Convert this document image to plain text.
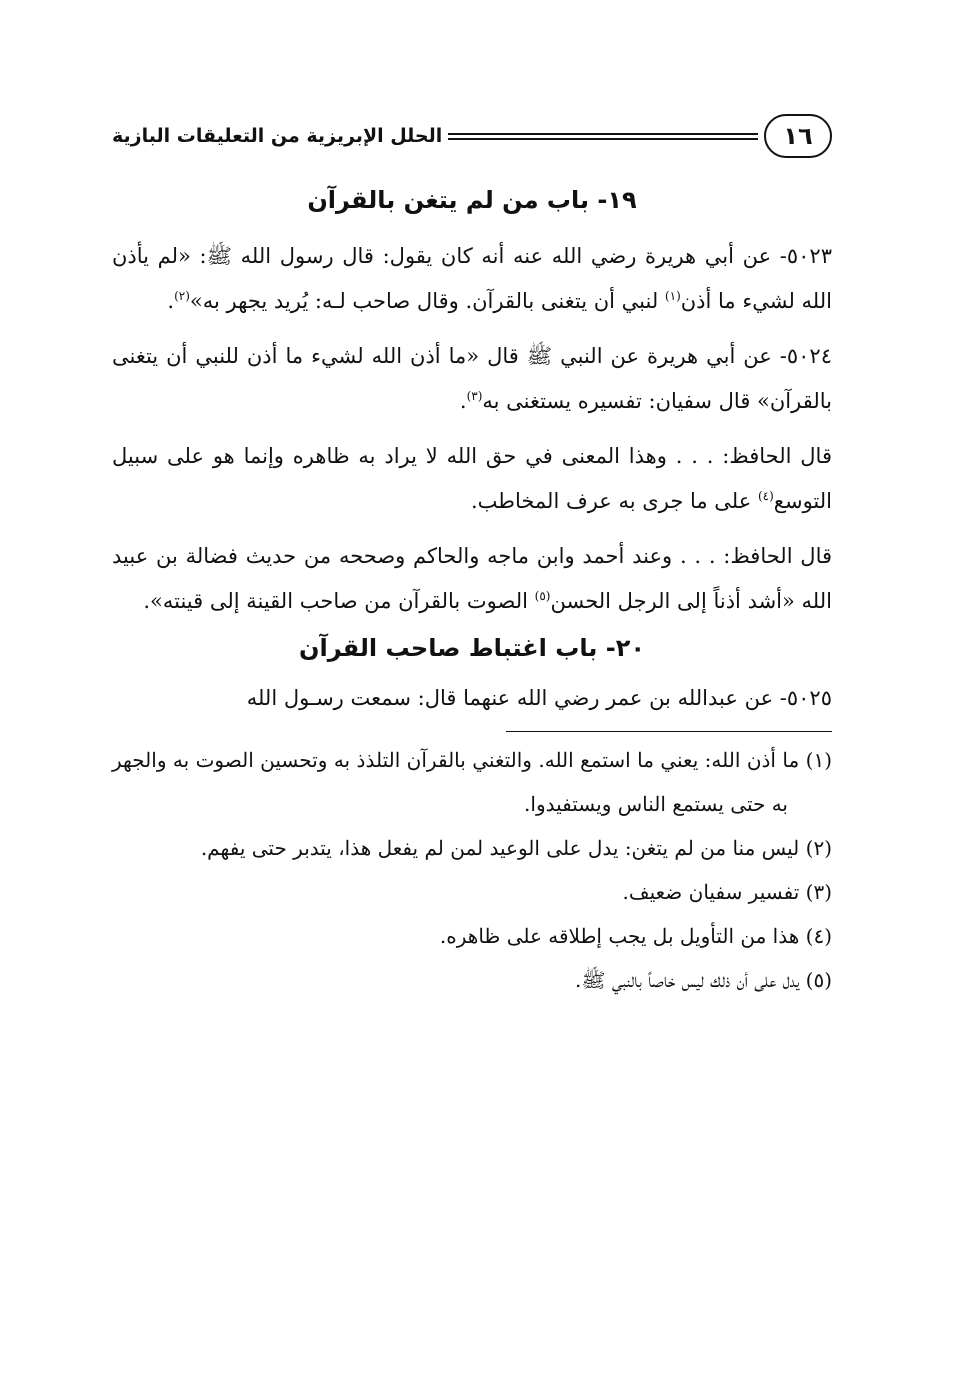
١٦
الحلل الإبريزية من التعليقات البازية
١٩- باب من لم يتغن بالقرآن

٥٠٢٣- عن أبي هريرة رضي الله عنه أنه كان يقول: قال رسول الله ﷺ: «لم يأذن الله لشيء ما أذن$^{(١)}$ لنبي أن يتغنى بالقرآن. وقال صاحب لـه: يُريد يجهر به»$^{(٢)}$.

٥٠٢٤- عن أبي هريرة عن النبي ﷺ قال «ما أذن الله لشيء ما أذن للنبي أن يتغنى بالقرآن» قال سفيان: تفسيره يستغنى به$^{(٣)}$.

قال الحافظ: . . . وهذا المعنى في حق الله لا يراد به ظاهره وإنما هو على سبيل التوسع$^{(٤)}$ على ما جرى به عرف المخاطب.

قال الحافظ: . . . وعند أحمد وابن ماجه والحاكم وصححه من حديث فضالة بن عبيد الله «أشد أذناً إلى الرجل الحسن$^{(٥)}$ الصوت بالقرآن من صاحب القينة إلى قينته».

٢٠- باب اغتباط صاحب القرآن

٥٠٢٥- عن عبدالله بن عمر رضي الله عنهما قال: سمعت رسـول الله

(١) ما أذن الله: يعني ما استمع الله. والتغني بالقرآن التلذذ به وتحسين الصوت به والجهر به حتى يستمع الناس ويستفيدوا.

(٢) ليس منا من لم يتغن: يدل على الوعيد لمن لم يفعل هذا، يتدبر حتى يفهم.

(٣) تفسير سفيان ضعيف.

(٤) هذا من التأويل بل يجب إطلاقه على ظاهره.

(٥) يدل على أن ذلك ليس خاصاً بالنبي ﷺ.
